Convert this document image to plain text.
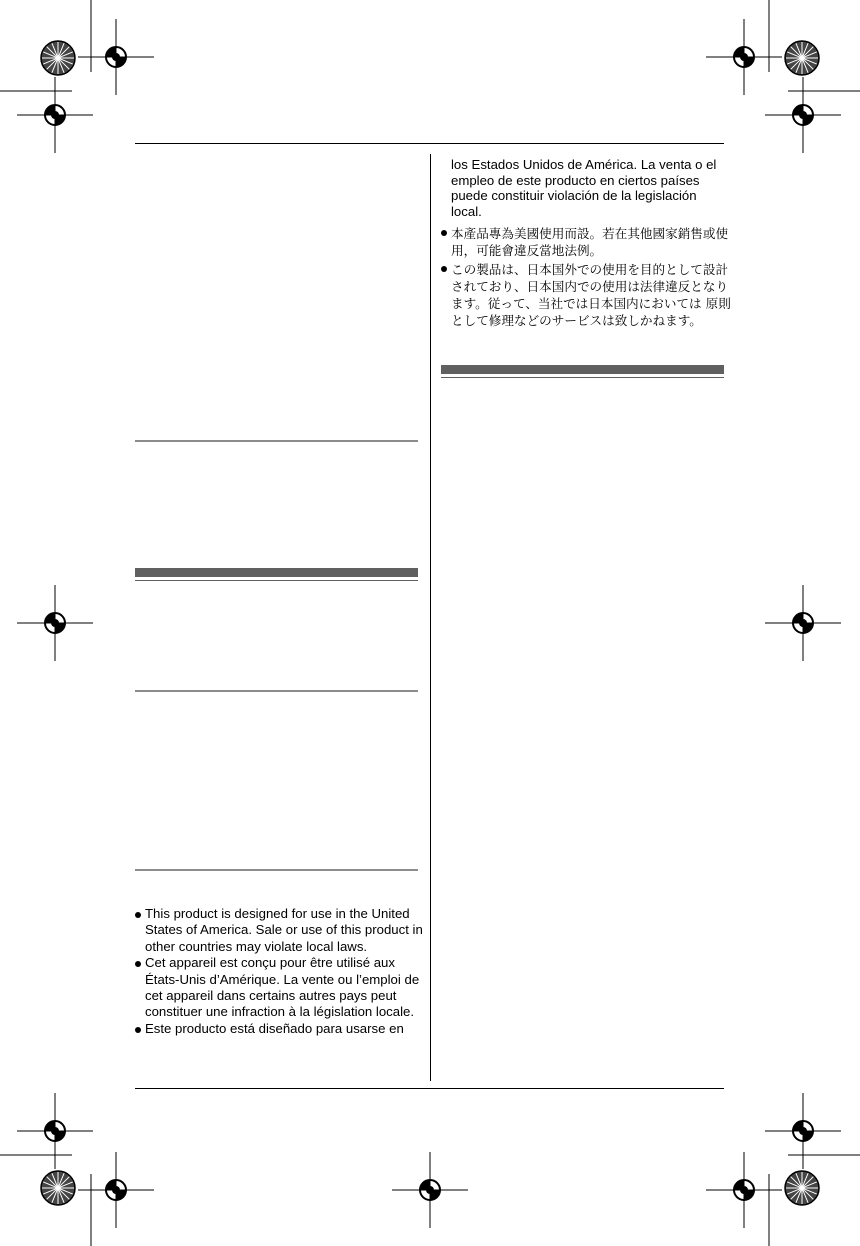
This product is designed for use in the United States of America. Sale or use of this product in other countries may violate local laws.
Cet appareil est conçu pour être utilisé aux États-Unis d’Amérique. La vente ou l’emploi de cet appareil dans certains autres pays peut constituer une infraction à la législation locale.
Este producto está diseñado para usarse en
los Estados Unidos de América. La venta o el empleo de este producto en ciertos países puede constituir violación de la legislación local.
本產品專為美國使用而設。若在其他國家銷售或使用，可能會違反當地法例。
この製品は、日本国外での使用を目的として設計されており、日本国内での使用は法律違反となります。従って、当社では日本国内においては 原則として修理などのサービスは致しかねます。
